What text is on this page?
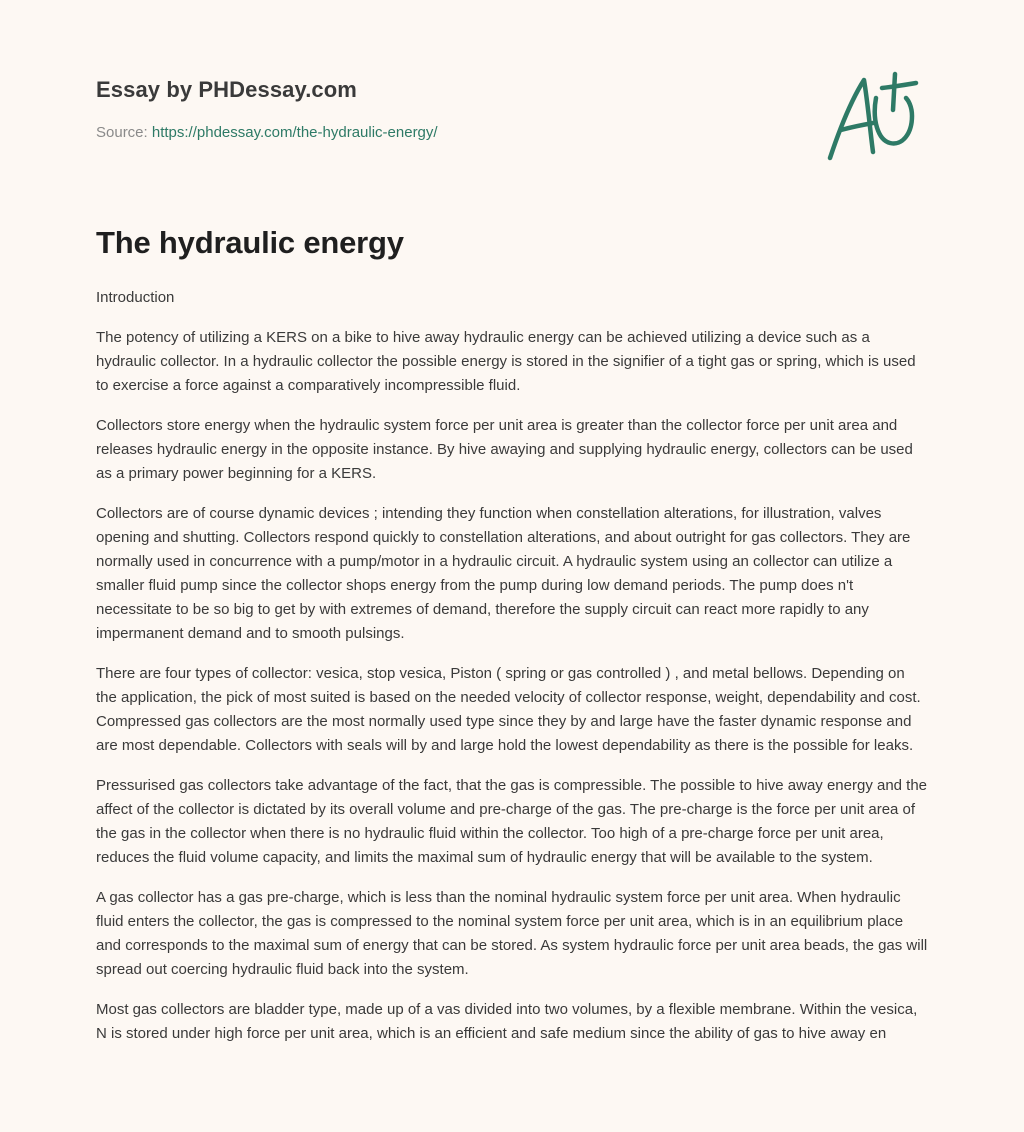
Essay by PHDessay.com

Source: https://phdessay.com/the-hydraulic-energy/

The hydraulic energy

Introduction

The potency of utilizing a KERS on a bike to hive away hydraulic energy can be achieved utilizing a device such as a hydraulic collector. In a hydraulic collector the possible energy is stored in the signifier of a tight gas or spring, which is used to exercise a force against a comparatively incompressible fluid.

Collectors store energy when the hydraulic system force per unit area is greater than the collector force per unit area and releases hydraulic energy in the opposite instance. By hive awaying and supplying hydraulic energy, collectors can be used as a primary power beginning for a KERS.

Collectors are of course dynamic devices ; intending they function when constellation alterations, for illustration, valves opening and shutting. Collectors respond quickly to constellation alterations, and about outright for gas collectors. They are normally used in concurrence with a pump/motor in a hydraulic circuit. A hydraulic system using an collector can utilize a smaller fluid pump since the collector shops energy from the pump during low demand periods. The pump does n't necessitate to be so big to get by with extremes of demand, therefore the supply circuit can react more rapidly to any impermanent demand and to smooth pulsings.

There are four types of collector: vesica, stop vesica, Piston ( spring or gas controlled ) , and metal bellows. Depending on the application, the pick of most suited is based on the needed velocity of collector response, weight, dependability and cost. Compressed gas collectors are the most normally used type since they by and large have the faster dynamic response and are most dependable. Collectors with seals will by and large hold the lowest dependability as there is the possible for leaks.

Pressurised gas collectors take advantage of the fact, that the gas is compressible. The possible to hive away energy and the affect of the collector is dictated by its overall volume and pre-charge of the gas. The pre-charge is the force per unit area of the gas in the collector when there is no hydraulic fluid within the collector. Too high of a pre-charge force per unit area, reduces the fluid volume capacity, and limits the maximal sum of hydraulic energy that will be available to the system.

A gas collector has a gas pre-charge, which is less than the nominal hydraulic system force per unit area. When hydraulic fluid enters the collector, the gas is compressed to the nominal system force per unit area, which is in an equilibrium place and corresponds to the maximal sum of energy that can be stored. As system hydraulic force per unit area beads, the gas will spread out coercing hydraulic fluid back into the system.

Most gas collectors are bladder type, made up of a vas divided into two volumes, by a flexible membrane. Within the vesica, N is stored under high force per unit area, which is an efficient and safe medium since the ability of gas to hive away en
